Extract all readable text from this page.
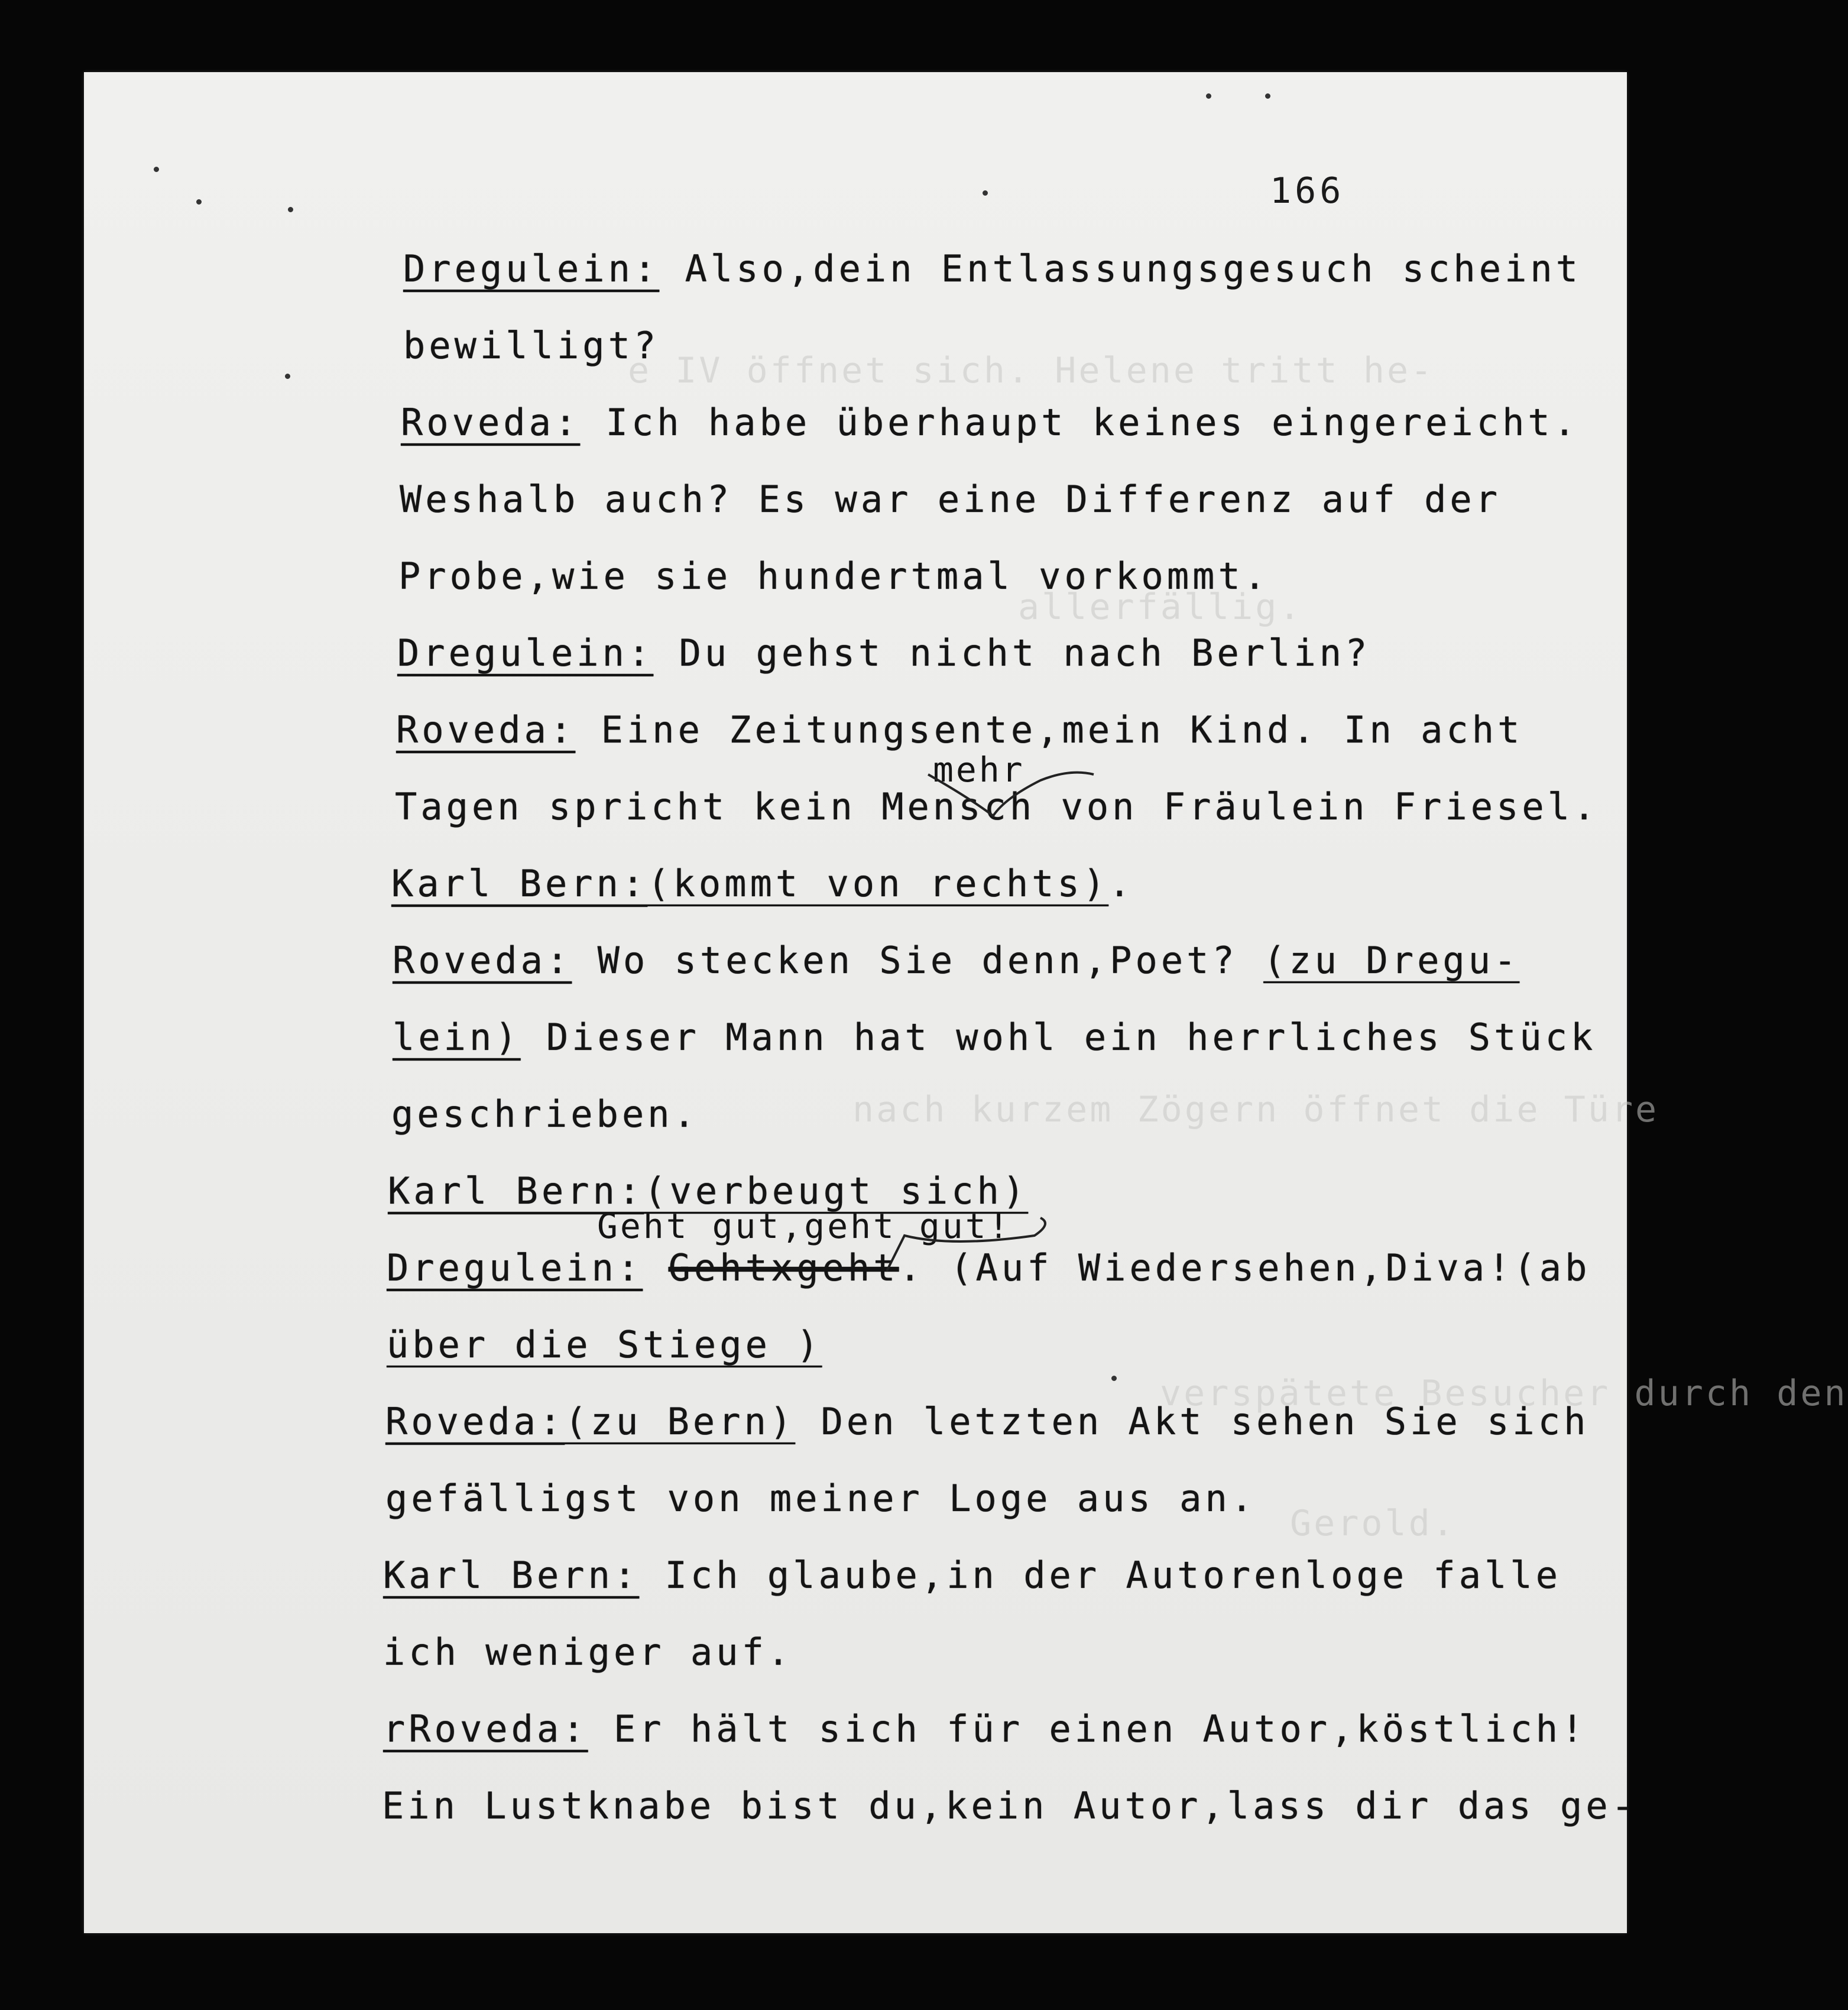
e IV öffnet sich. Helene tritt he-
allerfällig.
nach kurzem Zögern öffnet die Türe
verspätete Besucher durch den
Gerold.
166
Dregulein: Also,dein Entlassungsgesuch scheint
bewilligt?
Roveda: Ich habe überhaupt keines eingereicht.
Weshalb auch? Es war eine Differenz auf der
Probe,wie sie hundertmal vorkommt.
Dregulein: Du gehst nicht nach Berlin?
Roveda: Eine Zeitungsente,mein Kind. In acht
mehr
Tagen spricht kein Mensch von Fräulein Friesel.
Karl Bern:(kommt von rechts).
Roveda: Wo stecken Sie denn,Poet? (zu Dregu-
lein) Dieser Mann hat wohl ein herrliches Stück
geschrieben.
Karl Bern:(verbeugt sich)
Geht gut,geht gut!
Dregulein: Gehtxgeht. (Auf Wiedersehen,Diva!(ab
über die Stiege )
Roveda:(zu Bern) Den letzten Akt sehen Sie sich
gefälligst von meiner Loge aus an.
Karl Bern: Ich glaube,in der Autorenloge falle
ich weniger auf.
rRoveda: Er hält sich für einen Autor,köstlich!
Ein Lustknabe bist du,kein Autor,lass dir das ge-
